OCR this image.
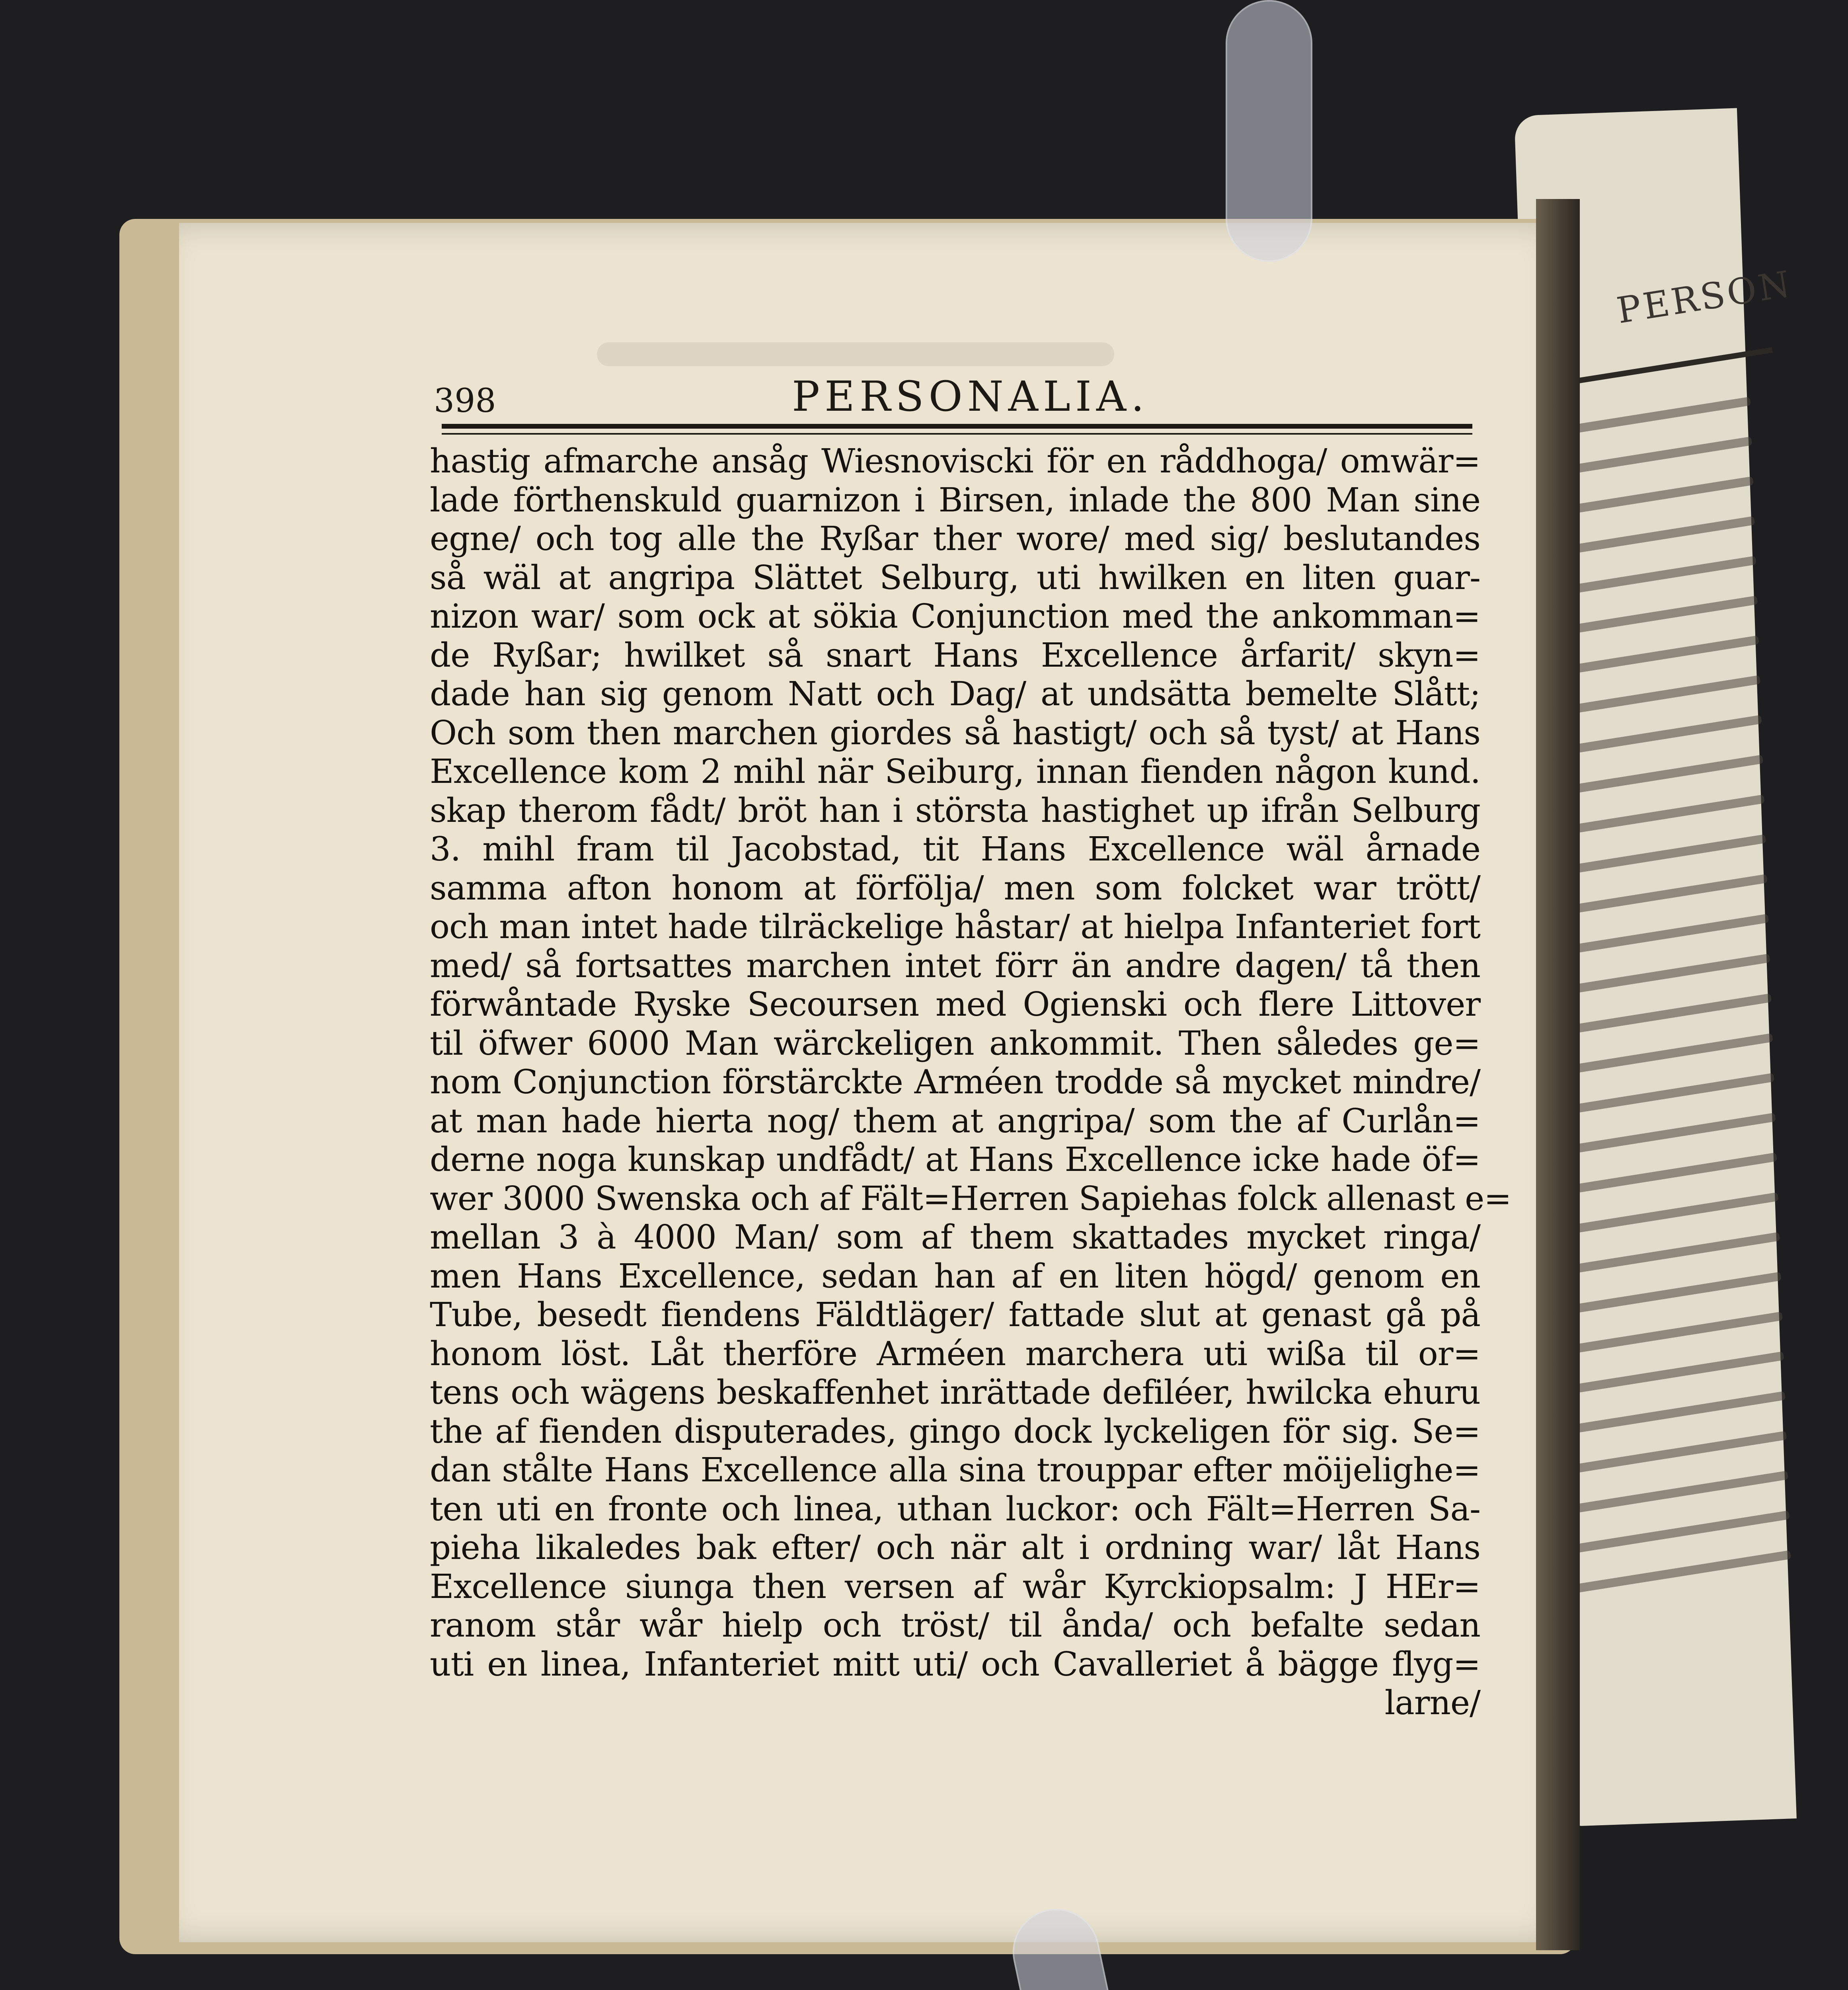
PERSON
398	PERSONALIA.
hastig afmarche ansåg Wiesnoviscki för en råddhoga/ omwär=
lade förthenskuld guarnizon i Birsen, inlade the 800 Man sine
egne/ och tog alle the Ryßar ther wore/ med sig/ beslutandes
så wäl at angripa Slättet Selburg, uti hwilken en liten guar-
nizon war/ som ock at sökia Conjunction med the ankomman=
de Ryßar; hwilket så snart Hans Excellence årfarit/ skyn=
dade han sig genom Natt och Dag/ at undsätta bemelte Slått;
Och som then marchen giordes så hastigt/ och så tyst/ at Hans
Excellence kom 2 mihl när Seiburg, innan fienden någon kund.
skap therom fådt/ bröt han i största hastighet up ifrån Selburg
3. mihl fram til Jacobstad, tit Hans Excellence wäl årnade
samma afton honom at förfölja/ men som folcket war trött/
och man intet hade tilräckelige håstar/ at hielpa Infanteriet fort
med/ så fortsattes marchen intet förr än andre dagen/ tå then
förwåntade Ryske Secoursen med Ogienski och flere Littover
til öfwer 6000 Man wärckeligen ankommit. Then således ge=
nom Conjunction förstärckte Arméen trodde så mycket mindre/
at man hade hierta nog/ them at angripa/ som the af Curlån=
derne noga kunskap undfådt/ at Hans Excellence icke hade öf=
wer 3000 Swenska och af Fält=Herren Sapiehas folck allenast e=
mellan 3 à 4000 Man/ som af them skattades mycket ringa/
men Hans Excellence, sedan han af en liten högd/ genom en
Tube, besedt fiendens Fäldtläger/ fattade slut at genast gå på
honom löst. Låt therföre Arméen marchera uti wißa til or=
tens och wägens beskaffenhet inrättade defiléer, hwilcka ehuru
the af fienden disputerades, gingo dock lyckeligen för sig. Se=
dan stålte Hans Excellence alla sina trouppar efter möijelighe=
ten uti en fronte och linea, uthan luckor: och Fält=Herren Sa-
pieha likaledes bak efter/ och när alt i ordning war/ låt Hans
Excellence siunga then versen af wår Kyrckiopsalm: J HEr=
ranom står wår hielp och tröst/ til ånda/ och befalte sedan
uti en linea, Infanteriet mitt uti/ och Cavalleriet å bägge flyg=
larne/
